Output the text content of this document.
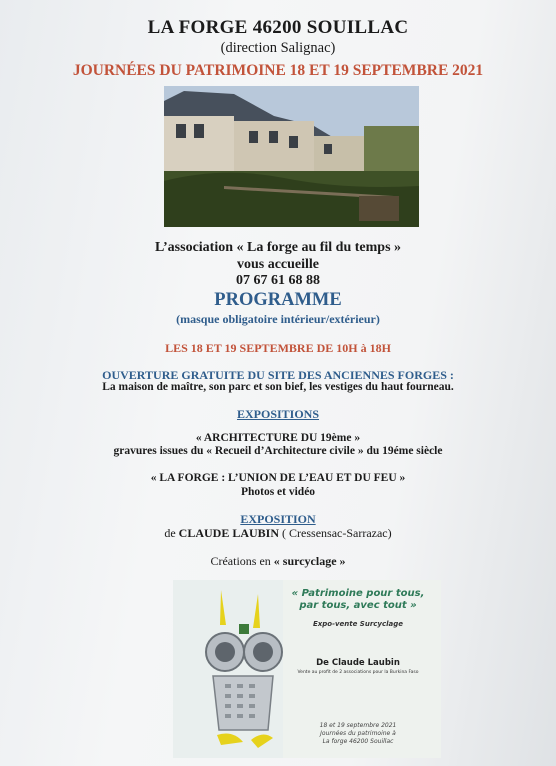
LA FORGE 46200 SOUILLAC
(direction Salignac)
JOURNÉES DU PATRIMOINE 18 ET 19 SEPTEMBRE 2021
L’association « La forge au fil du temps »
vous accueille
07 67 61 68 88
PROGRAMME
(masque obligatoire intérieur/extérieur)
LES 18 ET 19 SEPTEMBRE DE 10H à 18H
OUVERTURE GRATUITE DU SITE DES ANCIENNES FORGES :
La maison de maître, son parc et son bief, les vestiges du haut fourneau.
EXPOSITIONS
« ARCHITECTURE DU 19ème »
gravures issues du « Recueil d’Architecture civile » du 19éme siècle
« LA FORGE : L’UNION DE L’EAU ET DU FEU »
Photos et vidéo
EXPOSITION
de CLAUDE LAUBIN ( Cressensac-Sarrazac)
Créations en « surcyclage »
« Patrimoine pour tous,
par tous, avec tout »
Expo-vente Surcyclage
De Claude Laubin
Vente au profit de 2 associations pour la Burkina Faso
18 et 19 septembre 2021
Journées du patrimoine à
La forge 46200 Souillac
